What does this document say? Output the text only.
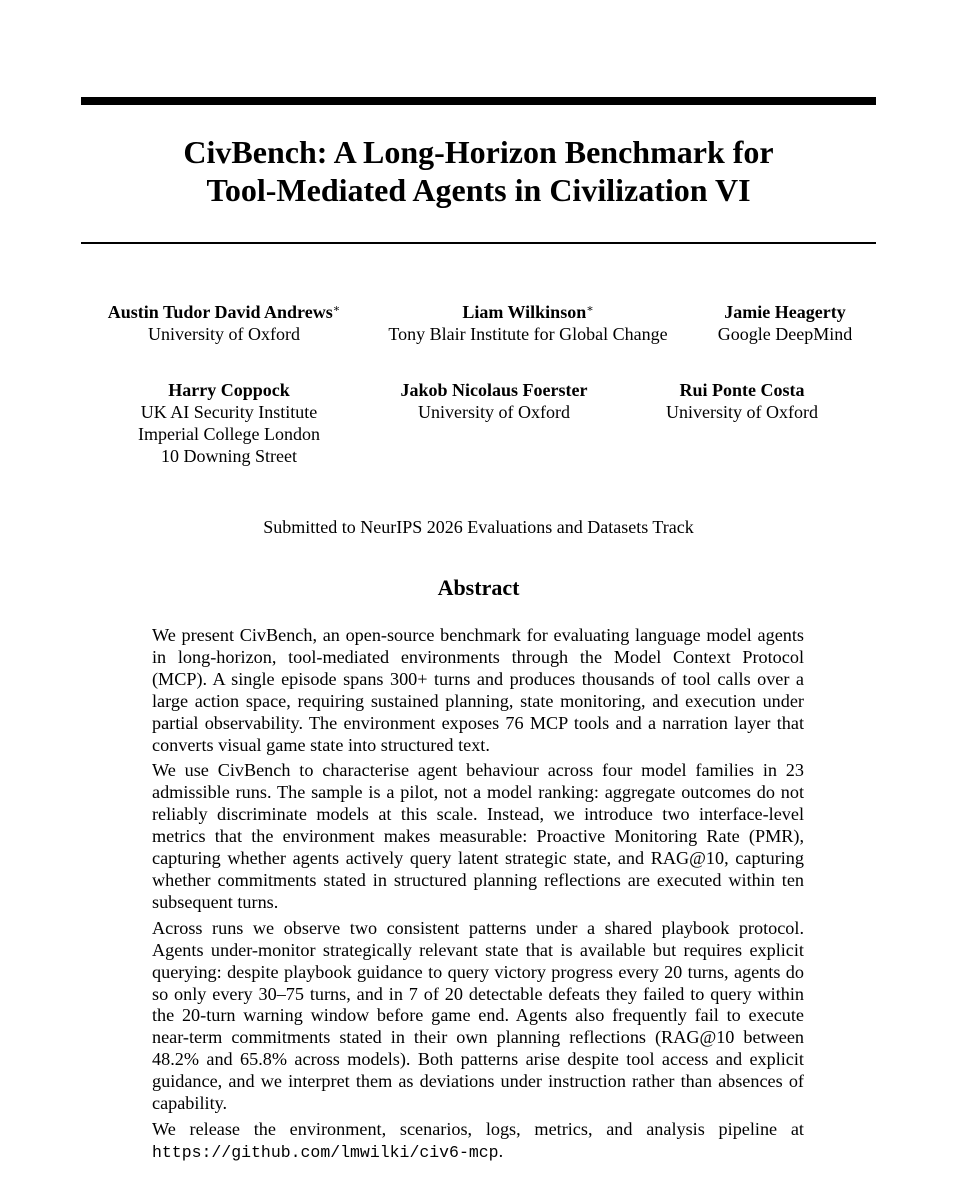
CivBench: A Long-Horizon Benchmark for
Tool-Mediated Agents in Civilization VI
Austin Tudor David Andrews∗
University of Oxford
Liam Wilkinson∗
Tony Blair Institute for Global Change
Jamie Heagerty
Google DeepMind
Harry Coppock
UK AI Security Institute
Imperial College London
10 Downing Street
Jakob Nicolaus Foerster
University of Oxford
Rui Ponte Costa
University of Oxford
Submitted to NeurIPS 2026 Evaluations and Datasets Track
Abstract

We present CivBench, an open-source benchmark for evaluating language model agents in long-horizon, tool-mediated environments through the Model Context Protocol (MCP). A single episode spans 300+ turns and produces thousands of tool calls over a large action space, requiring sustained planning, state monitoring, and execution under partial observability. The environment exposes 76 MCP tools and a narration layer that converts visual game state into structured text.

We use CivBench to characterise agent behaviour across four model families in 23 admissible runs. The sample is a pilot, not a model ranking: aggregate outcomes do not reliably discriminate models at this scale. Instead, we introduce two interface-level metrics that the environment makes measurable: Proactive Monitoring Rate (PMR), capturing whether agents actively query latent strategic state, and RAG@10, capturing whether commitments stated in structured planning reflections are executed within ten subsequent turns.

Across runs we observe two consistent patterns under a shared playbook protocol. Agents under-monitor strategically relevant state that is available but requires explicit querying: despite playbook guidance to query victory progress every 20 turns, agents do so only every 30–75 turns, and in 7 of 20 detectable defeats they failed to query within the 20-turn warning window before game end. Agents also frequently fail to execute near-term commitments stated in their own planning reflections (RAG@10 between 48.2% and 65.8% across models). Both patterns arise despite tool access and explicit guidance, and we interpret them as deviations under instruction rather than absences of capability.

We release the environment, scenarios, logs, metrics, and analysis pipeline at https://github.com/lmwilki/civ6-mcp.
